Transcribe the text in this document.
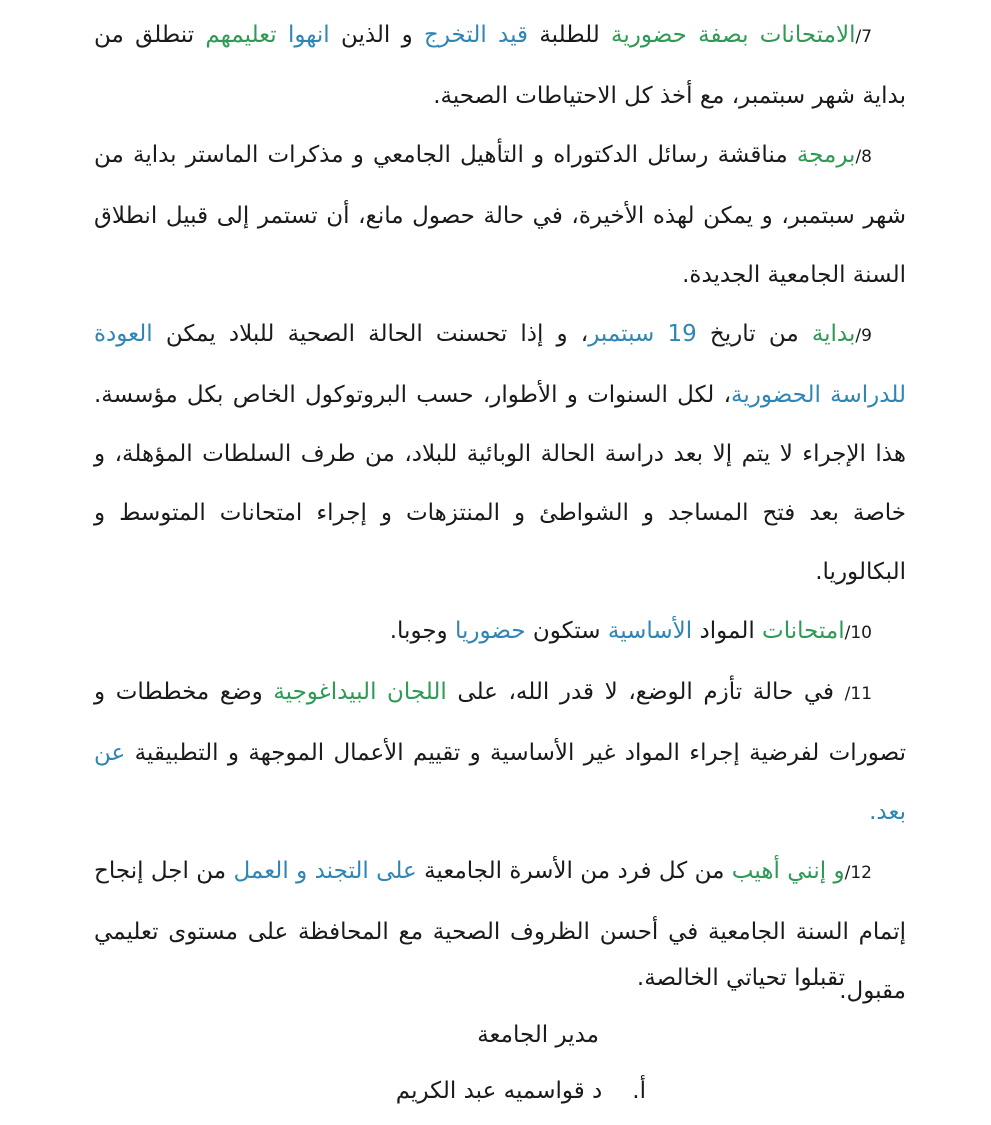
7/الامتحانات بصفة حضورية للطلبة قيد التخرج و الذين انهوا تعليمهم تنطلق من بداية شهر سبتمبر، مع أخذ كل الاحتياطات الصحية.

8/برمجة مناقشة رسائل الدكتوراه و التأهيل الجامعي و مذكرات الماستر بداية من شهر سبتمبر، و يمكن لهذه الأخيرة، في حالة حصول مانع، أن تستمر إلى قبيل انطلاق السنة الجامعية الجديدة.

9/بداية من تاريخ 19 سبتمبر، و إذا تحسنت الحالة الصحية للبلاد يمكن العودة للدراسة الحضورية، لكل السنوات و الأطوار، حسب البروتوكول الخاص بكل مؤسسة. هذا الإجراء لا يتم إلا بعد دراسة الحالة الوبائية للبلاد، من طرف السلطات المؤهلة، و خاصة بعد فتح المساجد و الشواطئ و المنتزهات و إجراء امتحانات المتوسط و البكالوريا.

10/امتحانات المواد الأساسية ستكون حضوريا وجوبا.

11/ في حالة تأزم الوضع، لا قدر الله، على اللجان البيداغوجية وضع مخططات و تصورات لفرضية إجراء المواد غير الأساسية و تقييم الأعمال الموجهة و التطبيقية عن بعد.

12/و إنني أهيب من كل فرد من الأسرة الجامعية على التجند و العمل من اجل إنجاح إتمام السنة الجامعية في أحسن الظروف الصحية مع المحافظة على مستوى تعليمي مقبول.

تقبلوا تحياتي الخالصة.

مدير الجامعة

أ.د قواسميه عبد الكريم
